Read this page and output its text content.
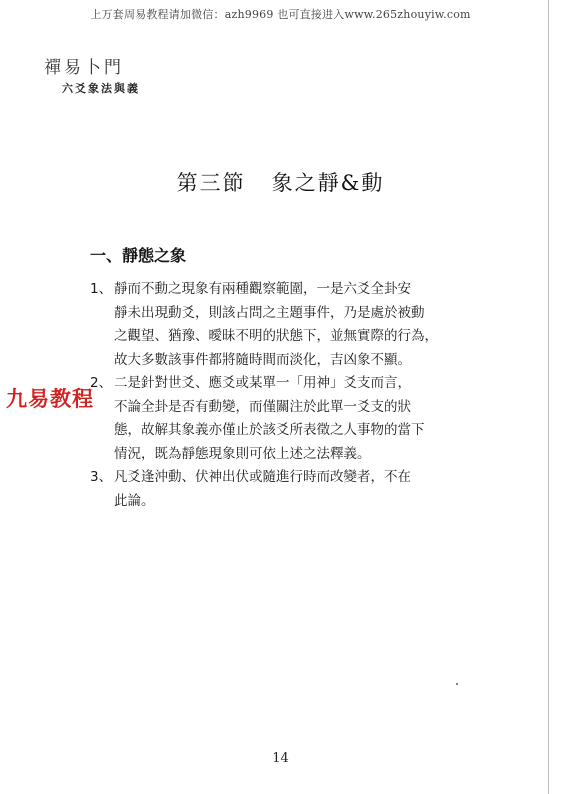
上万套周易教程请加微信：azh9969 也可直接进入www.265zhouyiw.com
禪易卜門
六爻象法與義
第三節 象之靜&動
一、靜態之象
1、 靜而不動之現象有兩種觀察範圍，一是六爻全卦安
靜未出現動爻，則該占問之主題事件，乃是處於被動
之觀望、猶豫、曖昧不明的狀態下，並無實際的行為，
故大多數該事件都將隨時間而淡化，吉凶象不顯。
2、 二是針對世爻、應爻或某單一「用神」爻支而言，
不論全卦是否有動變，而僅關注於此單一爻支的狀
態，故解其象義亦僅止於該爻所表徵之人事物的當下
情況，既為靜態現象則可依上述之法釋義。
3、 凡爻逢沖動、伏神出伏或隨進行時而改變者，不在
此論。
九易教程
14
